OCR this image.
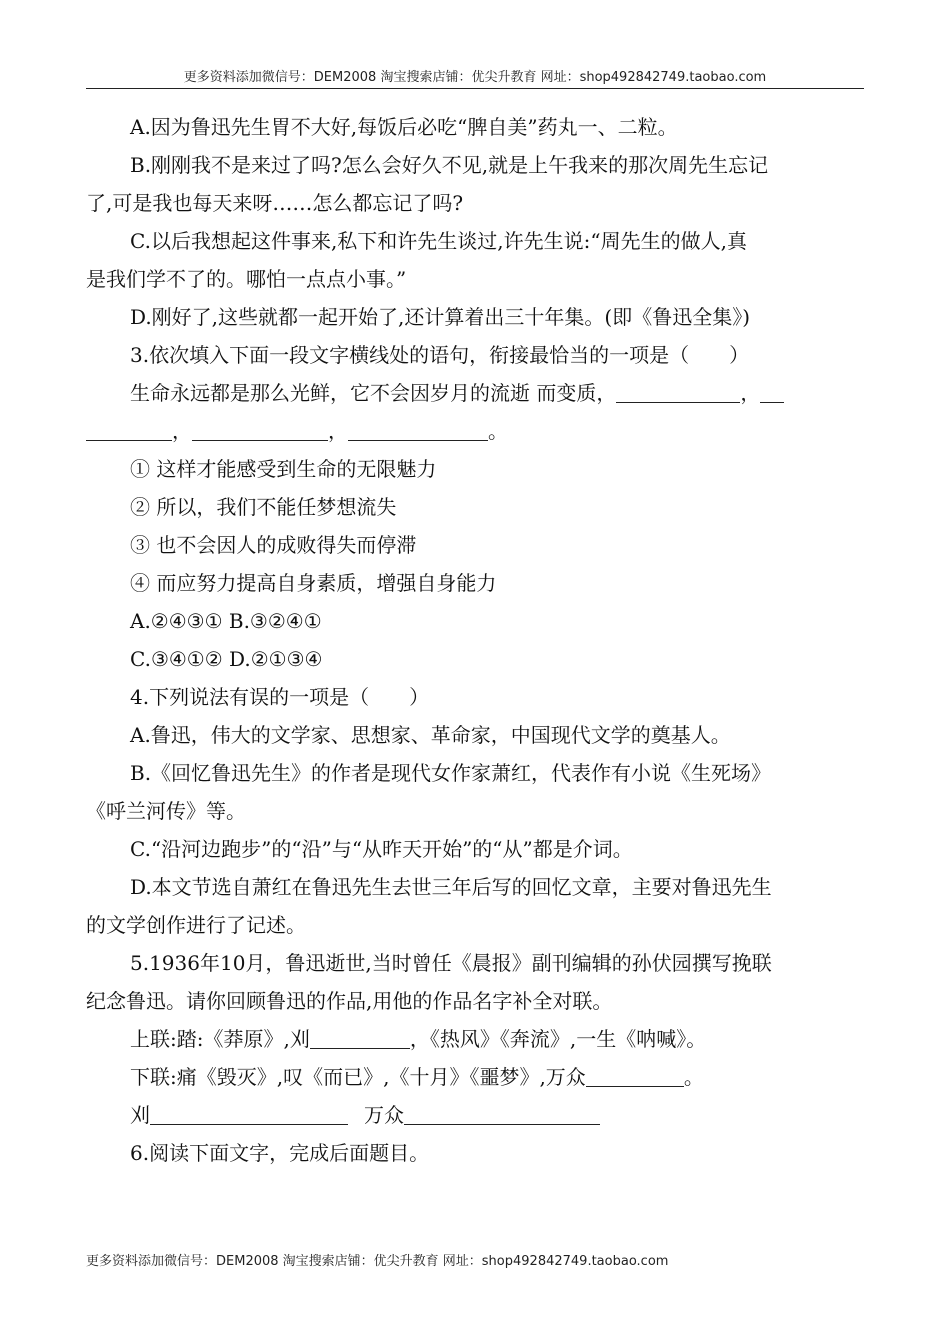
更多资料添加微信号：DEM2008 淘宝搜索店铺：优尖升教育 网址：shop492842749.taobao.com
A.因为鲁迅先生胃不大好,每饭后必吃“脾自美”药丸一、二粒。
B.刚刚我不是来过了吗?怎么会好久不见,就是上午我来的那次周先生忘记
了,可是我也每天来呀……怎么都忘记了吗?
C.以后我想起这件事来,私下和许先生谈过,许先生说:“周先生的做人,真
是我们学不了的。哪怕一点点小事。”
D.刚好了,这些就都一起开始了,还计算着出三十年集。(即《鲁迅全集》)
3.依次填入下面一段文字横线处的语句，衔接最恰当的一项是（　　）
生命永远都是那么光鲜，它不会因岁月的流逝 而变质，	，
，	，	。
① 这样才能感受到生命的无限魅力
② 所以，我们不能任梦想流失
③ 也不会因人的成败得失而停滞
④ 而应努力提高自身素质，增强自身能力
A.②④③① B.③②④①
C.③④①② D.②①③④
4.下列说法有误的一项是（　　）
A.鲁迅，伟大的文学家、思想家、革命家，中国现代文学的奠基人。
B.《回忆鲁迅先生》的作者是现代女作家萧红，代表作有小说《生死场》
《呼兰河传》等。
C.“沿河边跑步”的“沿”与“从昨天开始”的“从”都是介词。
D.本文节选自萧红在鲁迅先生去世三年后写的回忆文章，主要对鲁迅先生
的文学创作进行了记述。
5.1936年10月，鲁迅逝世,当时曾任《晨报》副刊编辑的孙伏园撰写挽联
纪念鲁迅。请你回顾鲁迅的作品,用他的作品名字补全对联。
上联:踏:《莽原》,刈	，《热风》《奔流》,一生《呐喊》。
下联:痛《毁灭》,叹《而已》,《十月》《噩梦》,万众	。
刈	万众
6.阅读下面文字，完成后面题目。
更多资料添加微信号：DEM2008 淘宝搜索店铺：优尖升教育 网址：shop492842749.taobao.com
